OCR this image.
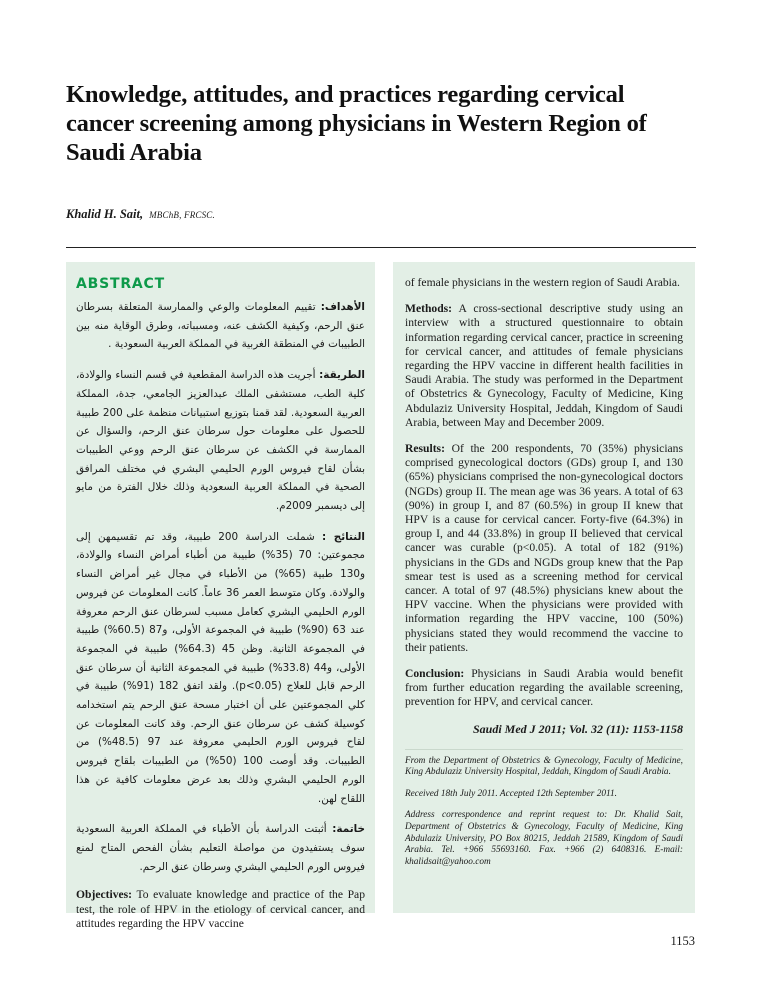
Knowledge, attitudes, and practices regarding cervical cancer screening among physicians in Western Region of Saudi Arabia
Khalid H. Sait, MBChB, FRCSC.
ABSTRACT

الأهداف: تقييم المعلومات والوعي والممارسة المتعلقة بسرطان عنق الرحم، وكيفية الكشف عنه، ومسبباته، وطرق الوقاية منه بين الطبيبات في المنطقة الغربية في المملكة العربية السعودية .

الطريقة: أجريت هذه الدراسة المقطعية في قسم النساء والولادة، كلية الطب، مستشفى الملك عبدالعزيز الجامعي، جدة، المملكة العربية السعودية. لقد قمنا بتوزيع استبيانات منظمة على 200 طبيبة للحصول على معلومات حول سرطان عنق الرحم، والسؤال عن الممارسة في الكشف عن سرطان عنق الرحم ووعي الطبيبات بشأن لقاح فيروس الورم الحليمي البشري في مختلف المرافق الصحية في المملكة العربية السعودية وذلك خلال الفترة من مايو إلى ديسمبر 2009م.

النتائج : شملت الدراسة 200 طبيبة، وقد تم تقسيمهن إلى مجموعتين: 70 (35%) طبيبة من أطباء أمراض النساء والولادة، و130 طبية (65%) من الأطباء في مجال غير أمراض النساء والولادة. وكان متوسط العمر 36 عاماً. كانت المعلومات عن فيروس الورم الحليمي البشري كعامل مسبب لسرطان عنق الرحم معروفة عند 63 (90%) طبيبة في المجموعة الأولى، و87 (60.5%) طبيبة في المجموعة الثانية. وظن 45 (64.3%) طبيبة في المجموعة الأولى، و44 (33.8%) طبيبة في المجموعة الثانية أن سرطان عنق الرحم قابل للعلاج (p<0.05). ولقد اتفق 182 (91%) طبيبة في كلي المجموعتين على أن اختبار مسحة عنق الرحم يتم استخدامه كوسيلة كشف عن سرطان عنق الرحم. وقد كانت المعلومات عن لقاح فيروس الورم الحليمي معروفة عند 97 (48.5%) من الطبيبات. وقد أوصت 100 (50%) من الطبيبات بلقاح فيروس الورم الحليمي البشري وذلك بعد عرض معلومات كافية عن هذا اللقاح لهن.

خاتمة: أثبتت الدراسة بأن الأطباء في المملكة العربية السعودية سوف يستفيدون من مواصلة التعليم بشأن الفحص المتاح لمنع فيروس الورم الحليمي البشري وسرطان عنق الرحم.

Objectives: To evaluate knowledge and practice of the Pap test, the role of HPV in the etiology of cervical cancer, and attitudes regarding the HPV vaccine

of female physicians in the western region of Saudi Arabia.

Methods: A cross-sectional descriptive study using an interview with a structured questionnaire to obtain information regarding cervical cancer, practice in screening for cervical cancer, and attitudes of female physicians regarding the HPV vaccine in different health facilities in Saudi Arabia. The study was performed in the Department of Obstetrics & Gynecology, Faculty of Medicine, King Abdulaziz University Hospital, Jeddah, Kingdom of Saudi Arabia, between May and December 2009.

Results: Of the 200 respondents, 70 (35%) physicians comprised gynecological doctors (GDs) group I, and 130 (65%) physicians comprised the non-gynecological doctors (NGDs) group II. The mean age was 36 years. A total of 63 (90%) in group I, and 87 (60.5%) in group II knew that HPV is a cause for cervical cancer. Forty-five (64.3%) in group I, and 44 (33.8%) in group II believed that cervical cancer was curable (p<0.05). A total of 182 (91%) physicians in the GDs and NGDs group knew that the Pap smear test is used as a screening method for cervical cancer. A total of 97 (48.5%) physicians knew about the HPV vaccine. When the physicians were provided with information regarding the HPV vaccine, 100 (50%) physicians stated they would recommend the vaccine to their patients.

Conclusion: Physicians in Saudi Arabia would benefit from further education regarding the available screening, prevention for HPV, and cervical cancer.

Saudi Med J 2011; Vol. 32 (11): 1153-1158

From the Department of Obstetrics & Gynecology, Faculty of Medicine, King Abdulaziz University Hospital, Jeddah, Kingdom of Saudi Arabia.

Received 18th July 2011. Accepted 12th September 2011.

Address correspondence and reprint request to: Dr. Khalid Sait, Department of Obstetrics & Gynecology, Faculty of Medicine, King Abdulaziz University, PO Box 80215, Jeddah 21589, Kingdom of Saudi Arabia. Tel. +966 55693160. Fax. +966 (2) 6408316. E-mail: khalidsait@yahoo.com

1153
